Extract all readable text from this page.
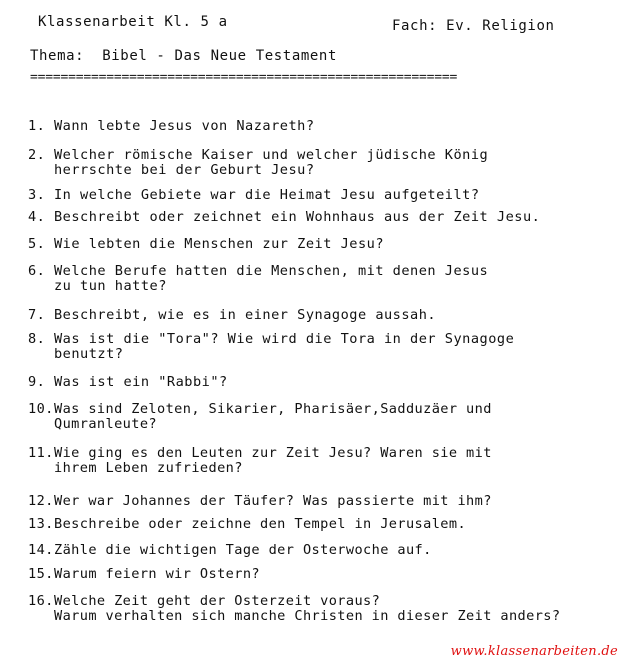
Klassenarbeit Kl. 5 a	Fach: Ev. Religion
Thema:  Bibel - Das Neue Testament
========================================================
1. Wann lebte Jesus von Nazareth?
2. Welcher römische Kaiser und welcher jüdische König
herrschte bei der Geburt Jesu?
3. In welche Gebiete war die Heimat Jesu aufgeteilt?
4. Beschreibt oder zeichnet ein Wohnhaus aus der Zeit Jesu.
5. Wie lebten die Menschen zur Zeit Jesu?
6. Welche Berufe hatten die Menschen, mit denen Jesus
zu tun hatte?
7. Beschreibt, wie es in einer Synagoge aussah.
8. Was ist die "Tora"? Wie wird die Tora in der Synagoge
benutzt?
9. Was ist ein "Rabbi"?
10.Was sind Zeloten, Sikarier, Pharisäer,Sadduzäer und
Qumranleute?
11.Wie ging es den Leuten zur Zeit Jesu? Waren sie mit
ihrem Leben zufrieden?
12.Wer war Johannes der Täufer? Was passierte mit ihm?
13.Beschreibe oder zeichne den Tempel in Jerusalem.
14.Zähle die wichtigen Tage der Osterwoche auf.
15.Warum feiern wir Ostern?
16.Welche Zeit geht der Osterzeit voraus?
Warum verhalten sich manche Christen in dieser Zeit anders?
www.klassenarbeiten.de
